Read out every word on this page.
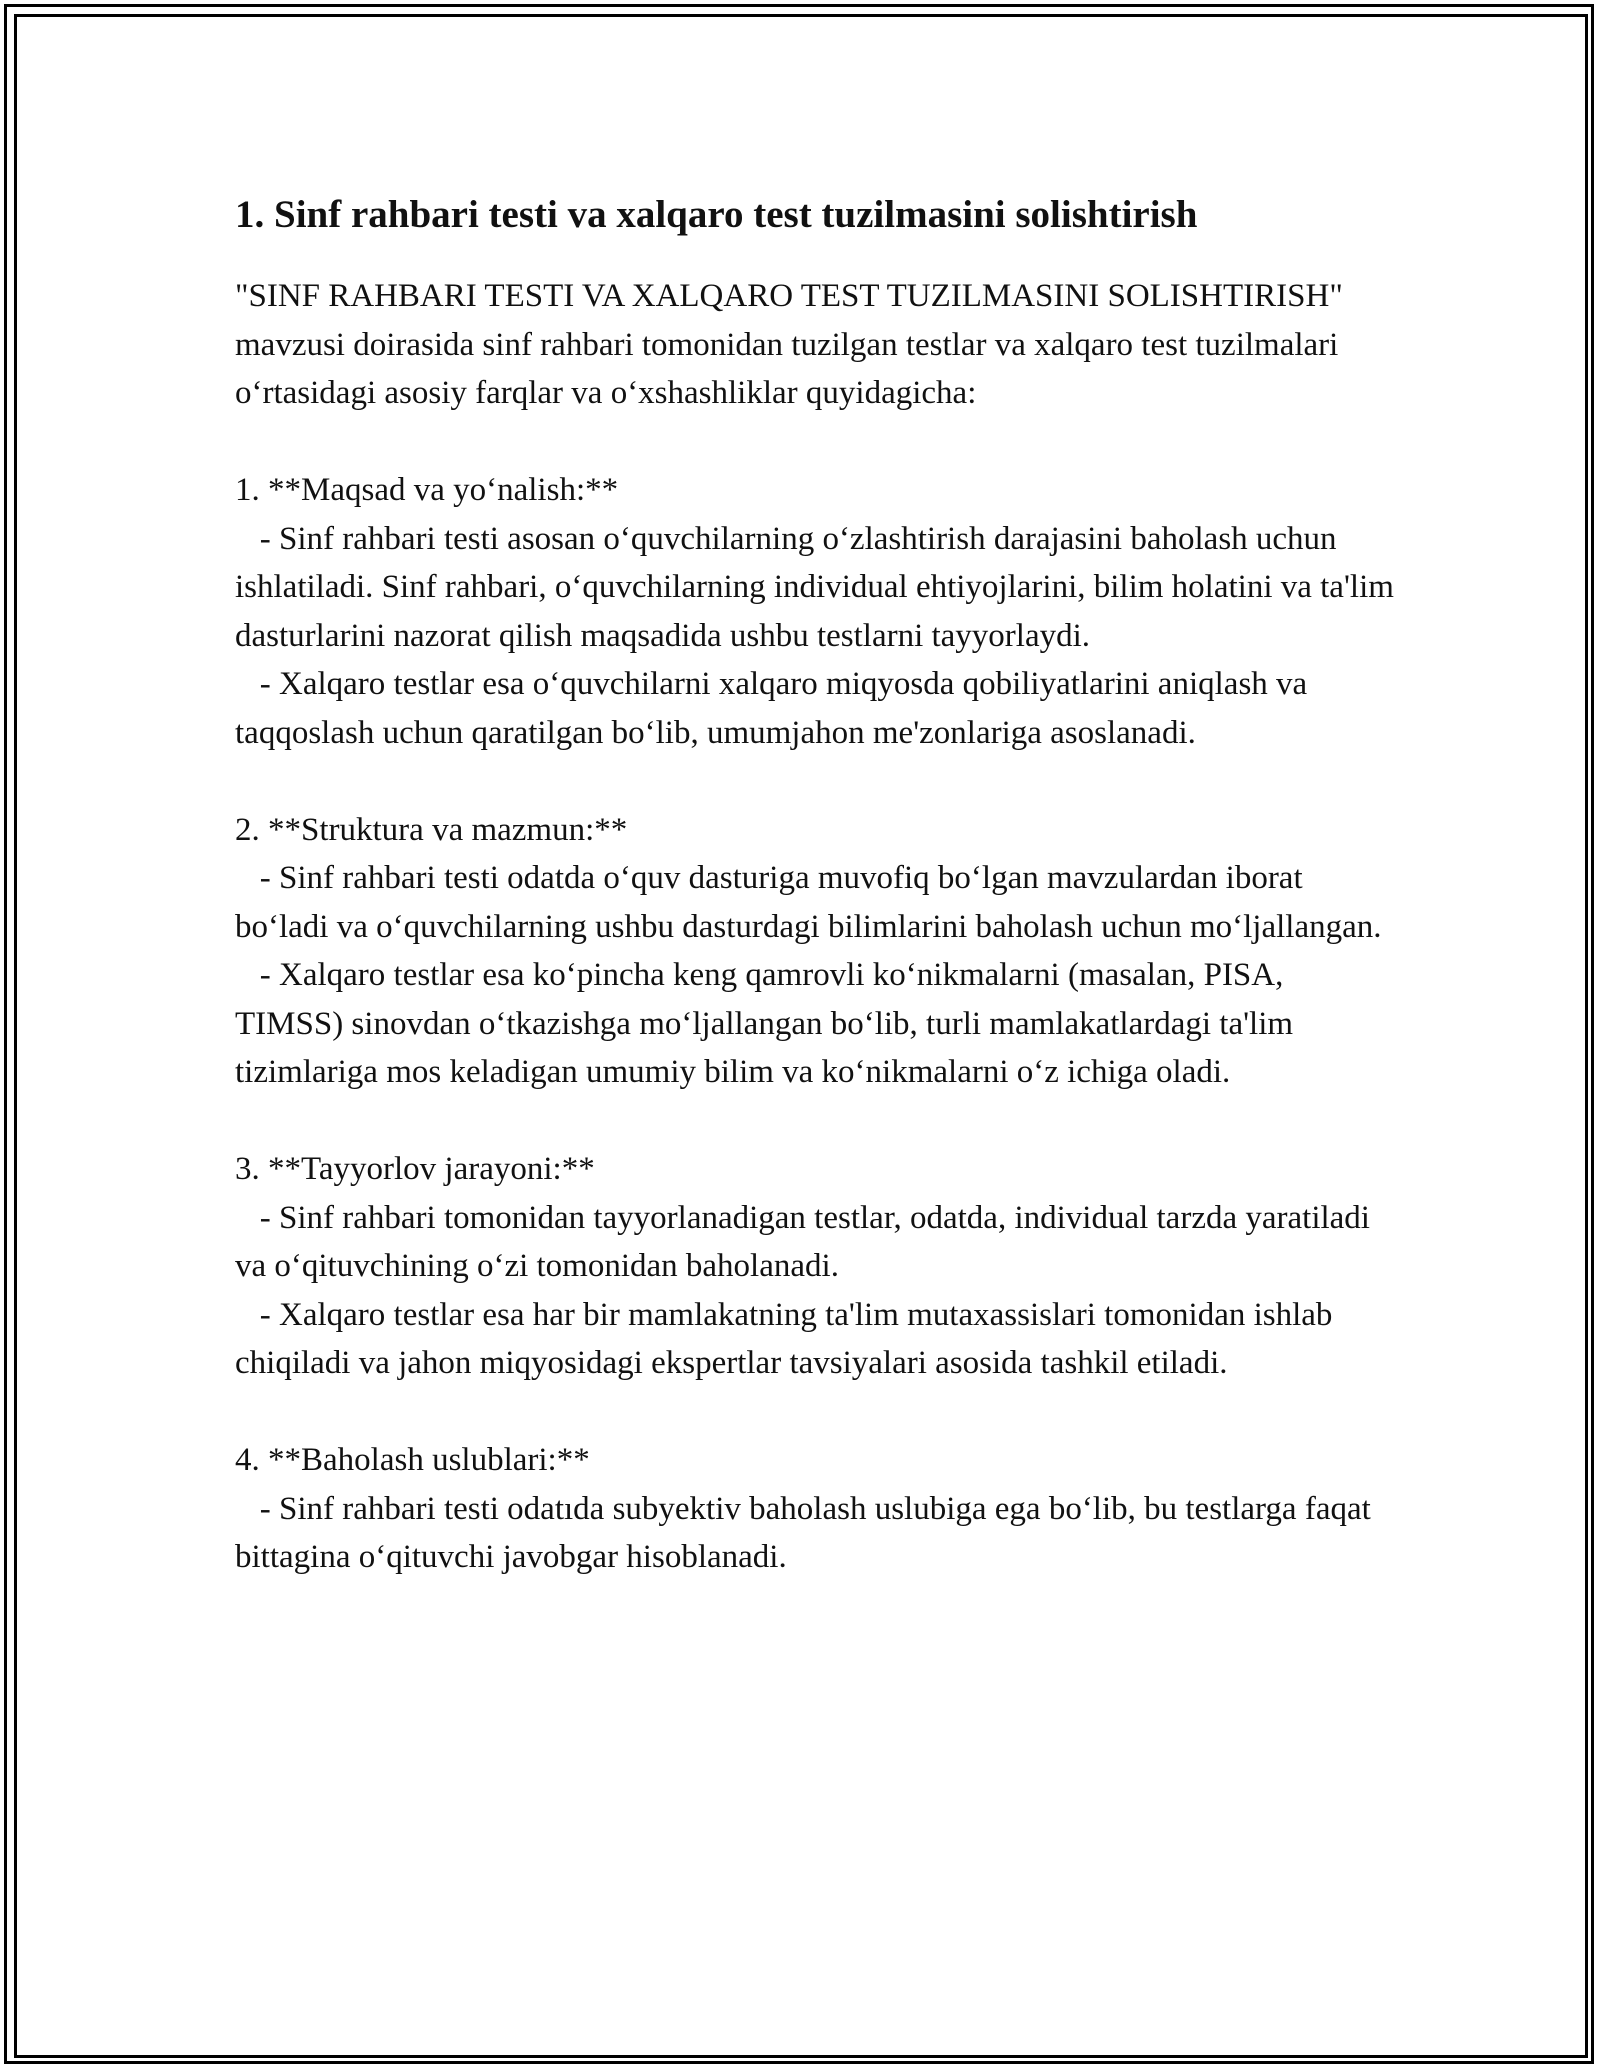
1. Sinf rahbari testi va xalqaro test tuzilmasini solishtirish

"SINF RAHBARI TESTI VA XALQARO TEST TUZILMASINI SOLISHTIRISH" mavzusi doirasida sinf rahbari tomonidan tuzilgan testlar va xalqaro test tuzilmalari o‘rtasidagi asosiy farqlar va o‘xshashliklar quyidagicha:

1. **Maqsad va yo‘nalish:**
- Sinf rahbari testi asosan o‘quvchilarning o‘zlashtirish darajasini baholash uchun ishlatiladi. Sinf rahbari, o‘quvchilarning individual ehtiyojlarini, bilim holatini va ta'lim dasturlarini nazorat qilish maqsadida ushbu testlarni tayyorlaydi.
- Xalqaro testlar esa o‘quvchilarni xalqaro miqyosda qobiliyatlarini aniqlash va taqqoslash uchun qaratilgan bo‘lib, umumjahon me'zonlariga asoslanadi.

2. **Struktura va mazmun:**
- Sinf rahbari testi odatda o‘quv dasturiga muvofiq bo‘lgan mavzulardan iborat bo‘ladi va o‘quvchilarning ushbu dasturdagi bilimlarini baholash uchun mo‘ljallangan.
- Xalqaro testlar esa ko‘pincha keng qamrovli ko‘nikmalarni (masalan, PISA, TIMSS) sinovdan o‘tkazishga mo‘ljallangan bo‘lib, turli mamlakatlardagi ta'lim tizimlariga mos keladigan umumiy bilim va ko‘nikmalarni o‘z ichiga oladi.

3. **Tayyorlov jarayoni:**
- Sinf rahbari tomonidan tayyorlanadigan testlar, odatda, individual tarzda yaratiladi va o‘qituvchining o‘zi tomonidan baholanadi.
- Xalqaro testlar esa har bir mamlakatning ta'lim mutaxassislari tomonidan ishlab chiqiladi va jahon miqyosidagi ekspertlar tavsiyalari asosida tashkil etiladi.

4. **Baholash uslublari:**
- Sinf rahbari testi odatıda subyektiv baholash uslubiga ega bo‘lib, bu testlarga faqat bittagina o‘qituvchi javobgar hisoblanadi.
